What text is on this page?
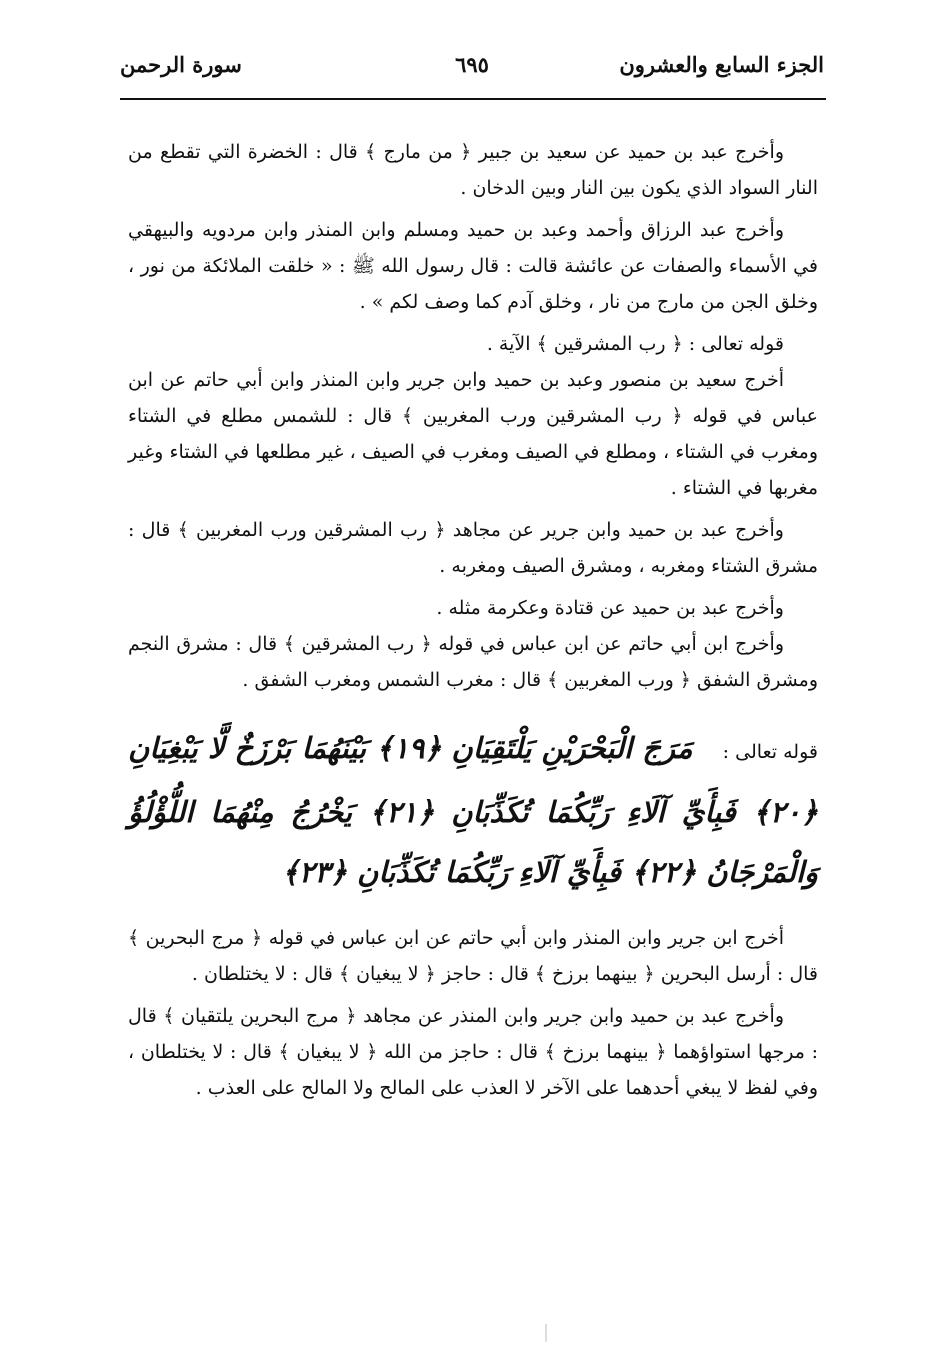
الجزء السابع والعشرون
٦٩٥
سورة الرحمن

وأخرج عبد بن حميد عن سعيد بن جبير ﴿ من مارج ﴾ قال : الخضرة التي تقطع من النار السواد الذي يكون بين النار وبين الدخان .

وأخرج عبد الرزاق وأحمد وعبد بن حميد ومسلم وابن المنذر وابن مردويه والبيهقي في الأسماء والصفات عن عائشة قالت : قال رسول الله ﷺ : « خلقت الملائكة من نور ، وخلق الجن من مارج من نار ، وخلق آدم كما وصف لكم » .

قوله تعالى : ﴿ رب المشرقين ﴾ الآية .

أخرج سعيد بن منصور وعبد بن حميد وابن جرير وابن المنذر وابن أبي حاتم عن ابن عباس في قوله ﴿ رب المشرقين ورب المغربين ﴾ قال : للشمس مطلع في الشتاء ومغرب في الشتاء ، ومطلع في الصيف ومغرب في الصيف ، غير مطلعها في الشتاء وغير مغربها في الشتاء .

وأخرج عبد بن حميد وابن جرير عن مجاهد ﴿ رب المشرقين ورب المغربين ﴾ قال : مشرق الشتاء ومغربه ، ومشرق الصيف ومغربه .

وأخرج عبد بن حميد عن قتادة وعكرمة مثله .

وأخرج ابن أبي حاتم عن ابن عباس في قوله ﴿ رب المشرقين ﴾ قال : مشرق النجم ومشرق الشفق ﴿ ورب المغربين ﴾ قال : مغرب الشمس ومغرب الشفق .

قوله تعالى : مَرَجَ الْبَحْرَيْنِ يَلْتَقِيَانِ ﴿١٩﴾ بَيْنَهُمَا بَرْزَخٌ لَّا يَبْغِيَانِ ﴿٢٠﴾ فَبِأَيِّ آلَاءِ رَبِّكُمَا تُكَذِّبَانِ ﴿٢١﴾ يَخْرُجُ مِنْهُمَا اللُّؤْلُؤُ وَالْمَرْجَانُ ﴿٢٢﴾ فَبِأَيِّ آلَاءِ رَبِّكُمَا تُكَذِّبَانِ ﴿٢٣﴾

أخرج ابن جرير وابن المنذر وابن أبي حاتم عن ابن عباس في قوله ﴿ مرج البحرين ﴾ قال : أرسل البحرين ﴿ بينهما برزخ ﴾ قال : حاجز ﴿ لا يبغيان ﴾ قال : لا يختلطان .

وأخرج عبد بن حميد وابن جرير وابن المنذر عن مجاهد ﴿ مرج البحرين يلتقيان ﴾ قال : مرجها استواؤهما ﴿ بينهما برزخ ﴾ قال : حاجز من الله ﴿ لا يبغيان ﴾ قال : لا يختلطان ، وفي لفظ لا يبغي أحدهما على الآخر لا العذب على المالح ولا المالح على العذب .
